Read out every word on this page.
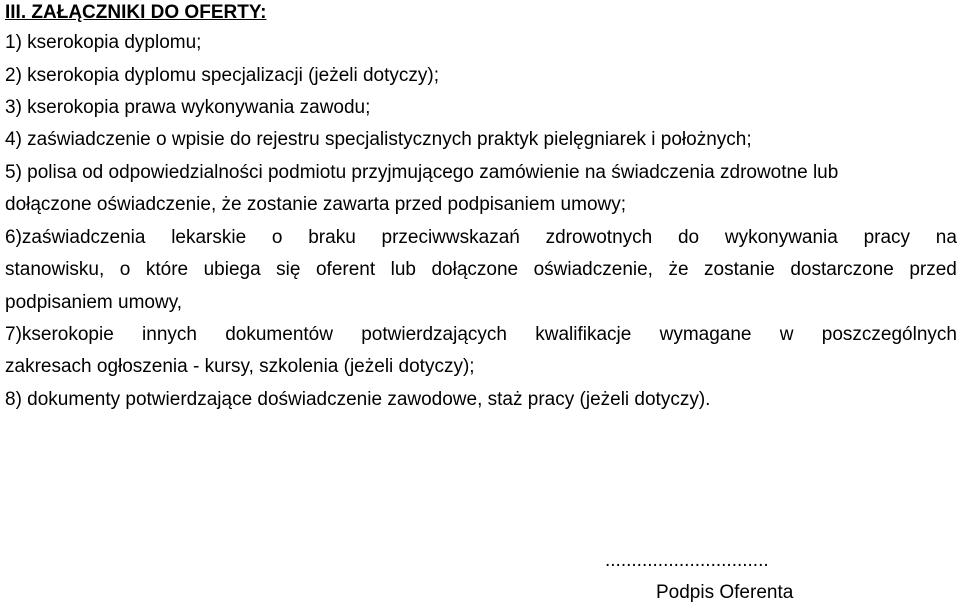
III. ZAŁĄCZNIKI DO OFERTY:
1) kserokopia dyplomu;
2) kserokopia dyplomu specjalizacji (jeżeli dotyczy);
3) kserokopia prawa wykonywania zawodu;
4) zaświadczenie o wpisie do rejestru specjalistycznych praktyk pielęgniarek i położnych;
5) polisa od odpowiedzialności podmiotu przyjmującego zamówienie na świadczenia zdrowotne lub
dołączone oświadczenie, że zostanie zawarta przed podpisaniem umowy;
6)zaświadczenia lekarskie o braku przeciwwskazań zdrowotnych do wykonywania pracy na
stanowisku, o które ubiega się oferent lub dołączone oświadczenie, że zostanie dostarczone przed
podpisaniem umowy,
7)kserokopie innych dokumentów potwierdzających kwalifikacje wymagane w poszczególnych
zakresach ogłoszenia - kursy, szkolenia (jeżeli dotyczy);
8) dokumenty potwierdzające doświadczenie zawodowe, staż pracy (jeżeli dotyczy).
...............................
Podpis Oferenta
